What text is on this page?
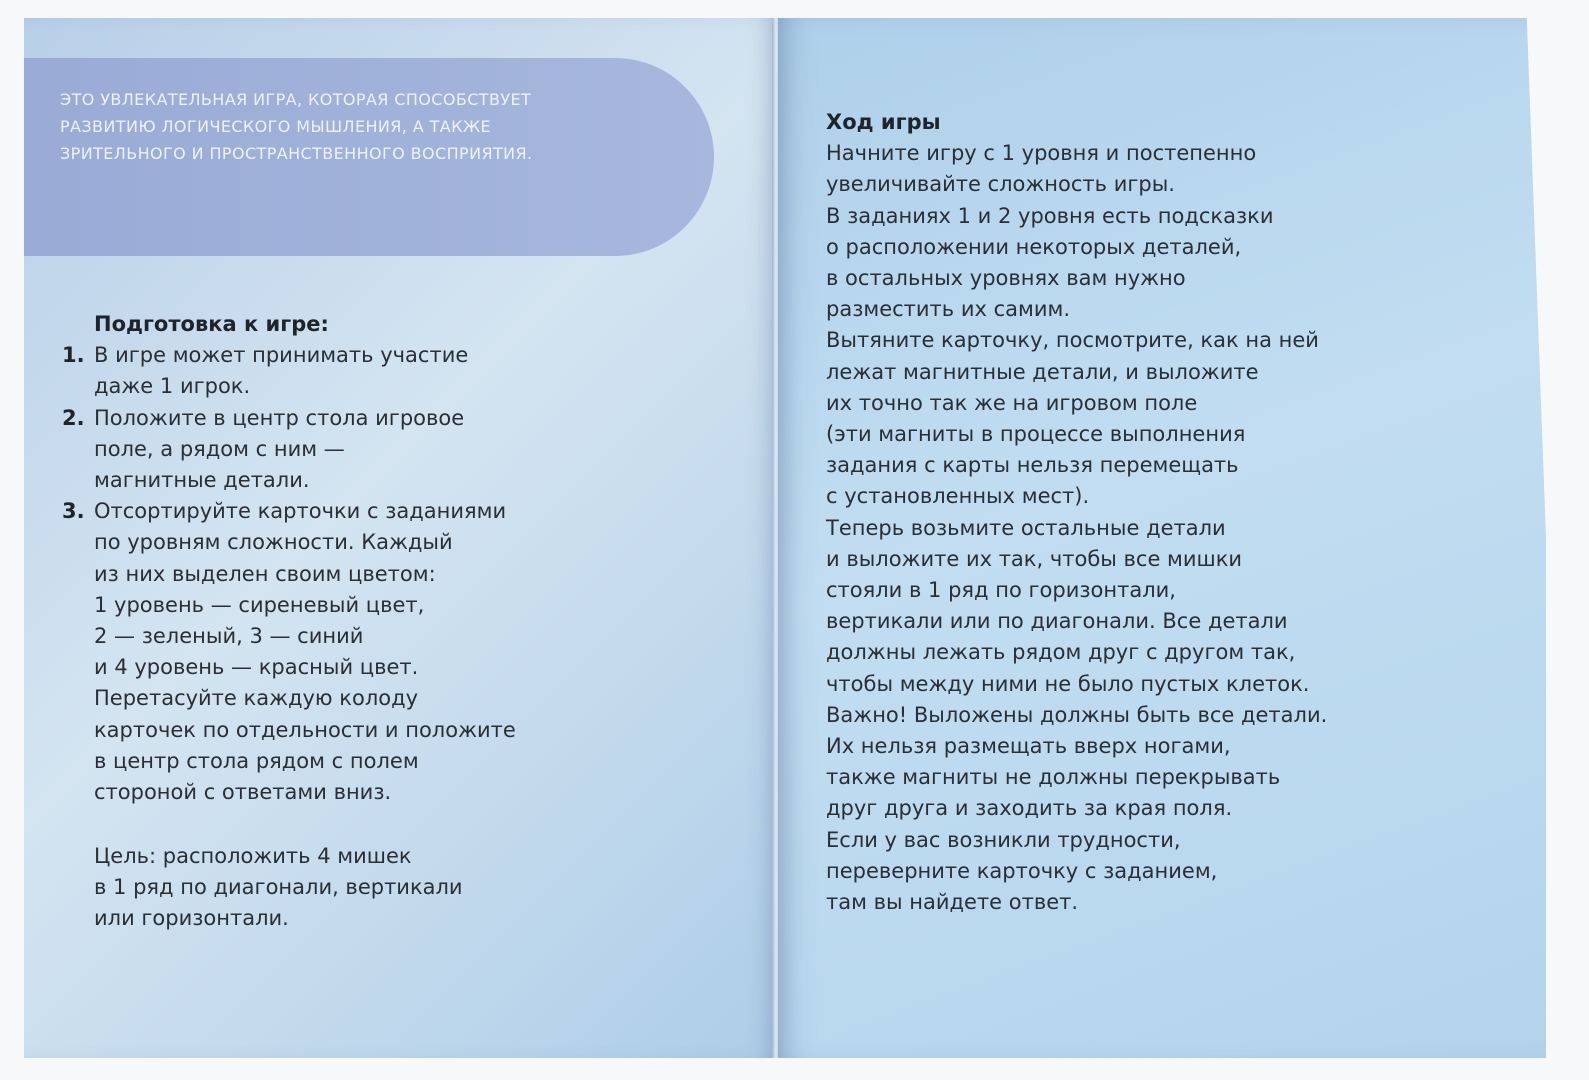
ЭТО УВЛЕКАТЕЛЬНАЯ ИГРА, КОТОРАЯ СПОСОБСТВУЕТ
РАЗВИТИЮ ЛОГИЧЕСКОГО МЫШЛЕНИЯ, А ТАКЖЕ
ЗРИТЕЛЬНОГО И ПРОСТРАНСТВЕННОГО ВОСПРИЯТИЯ.
Подготовка к игре:
1. В игре может принимать участие
даже 1 игрок.
2. Положите в центр стола игровое
поле, а рядом с ним —
магнитные детали.
3. Отсортируйте карточки с заданиями
по уровням сложности. Каждый
из них выделен своим цветом:
1 уровень — сиреневый цвет,
2 — зеленый, 3 — синий
и 4 уровень — красный цвет.
Перетасуйте каждую колоду
карточек по отдельности и положите
в центр стола рядом с полем
стороной с ответами вниз.
Цель: расположить 4 мишек
в 1 ряд по диагонали, вертикали
или горизонтали.
Ход игры
Начните игру с 1 уровня и постепенно
увеличивайте сложность игры.
В заданиях 1 и 2 уровня есть подсказки
о расположении некоторых деталей,
в остальных уровнях вам нужно
разместить их самим.
Вытяните карточку, посмотрите, как на ней
лежат магнитные детали, и выложите
их точно так же на игровом поле
(эти магниты в процессе выполнения
задания с карты нельзя перемещать
с установленных мест).
Теперь возьмите остальные детали
и выложите их так, чтобы все мишки
стояли в 1 ряд по горизонтали,
вертикали или по диагонали. Все детали
должны лежать рядом друг с другом так,
чтобы между ними не было пустых клеток.
Важно! Выложены должны быть все детали.
Их нельзя размещать вверх ногами,
также магниты не должны перекрывать
друг друга и заходить за края поля.
Если у вас возникли трудности,
переверните карточку с заданием,
там вы найдете ответ.
